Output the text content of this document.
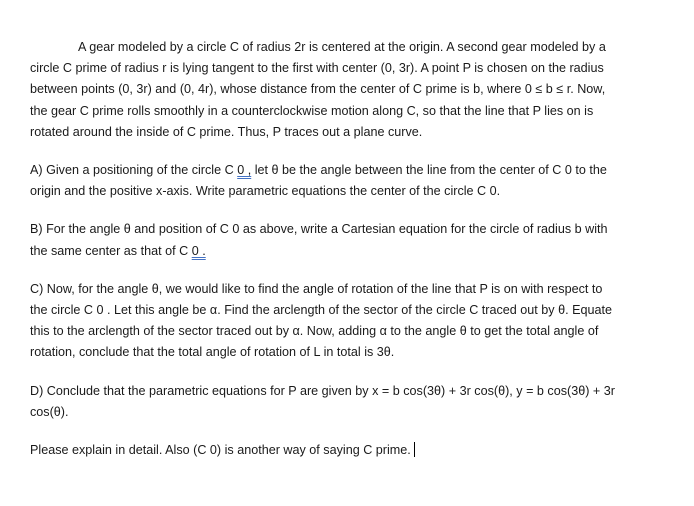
A gear modeled by a circle C of radius 2r is centered at the origin. A second gear modeled by a
circle C prime of radius r is lying tangent to the first with center (0, 3r). A point P is chosen on the radius
between points (0, 3r) and (0, 4r), whose distance from the center of C prime is b, where 0 ≤ b ≤ r. Now,
the gear C prime rolls smoothly in a counterclockwise motion along C, so that the line that P lies on is
rotated around the inside of C prime. Thus, P traces out a plane curve.

A) Given a positioning of the circle C 0 , let θ be the angle between the line from the center of C 0 to the
origin and the positive x-axis. Write parametric equations the center of the circle C 0.

B) For the angle θ and position of C 0 as above, write a Cartesian equation for the circle of radius b with
the same center as that of C 0 .

C) Now, for the angle θ, we would like to find the angle of rotation of the line that P is on with respect to
the circle C 0 . Let this angle be α. Find the arclength of the sector of the circle C traced out by θ. Equate
this to the arclength of the sector traced out by α. Now, adding α to the angle θ to get the total angle of
rotation, conclude that the total angle of rotation of L in total is 3θ.

D) Conclude that the parametric equations for P are given by x = b cos(3θ) + 3r cos(θ), y = b cos(3θ) + 3r
cos(θ).

Please explain in detail. Also (C 0) is another way of saying C prime.
